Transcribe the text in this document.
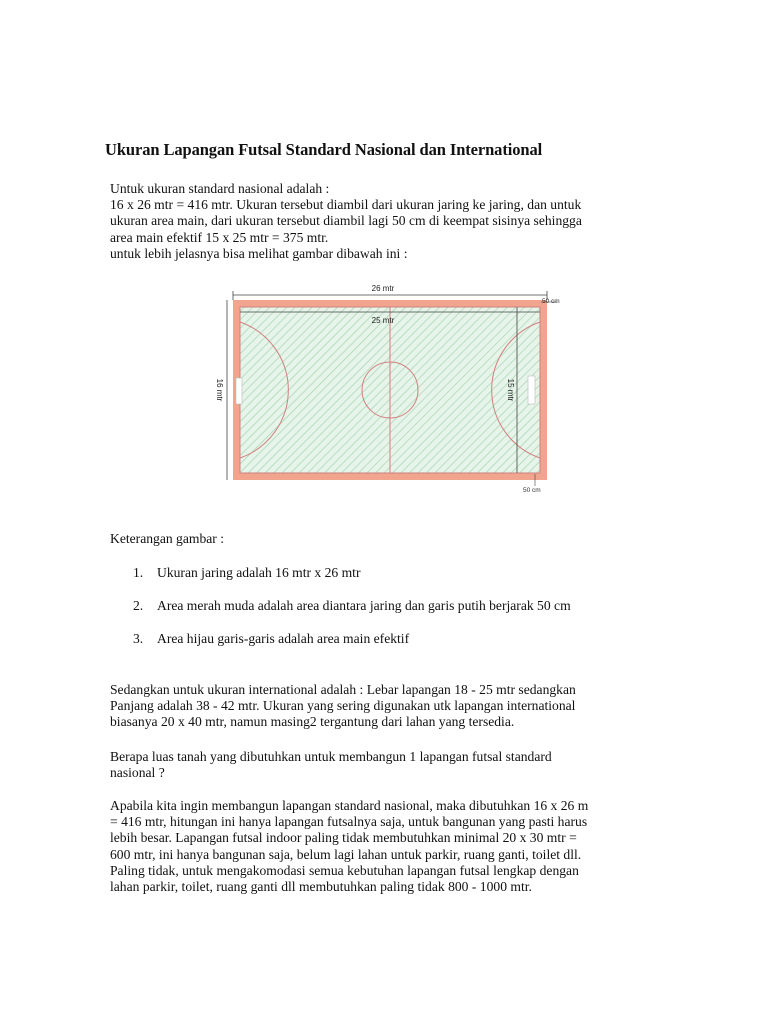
Ukuran Lapangan Futsal Standard Nasional dan International
Untuk ukuran standard nasional adalah :
16 x 26 mtr = 416 mtr. Ukuran tersebut diambil dari ukuran jaring ke jaring, dan untuk
ukuran area main, dari ukuran tersebut diambil lagi 50 cm di keempat sisinya sehingga
area main efektif 15 x 25 mtr = 375 mtr.
untuk lebih jelasnya bisa melihat gambar dibawah ini :
26 mtr
25 mtr
16 mtr	15 mtr
50 cm
50 cm
Keterangan gambar :
1. Ukuran jaring adalah 16 mtr x 26 mtr
2. Area merah muda adalah area diantara jaring dan garis putih berjarak 50 cm
3. Area hijau garis-garis adalah area main efektif
Sedangkan untuk ukuran international adalah : Lebar lapangan 18 - 25 mtr sedangkan
Panjang adalah 38 - 42 mtr. Ukuran yang sering digunakan utk lapangan international
biasanya 20 x 40 mtr, namun masing2 tergantung dari lahan yang tersedia.
Berapa luas tanah yang dibutuhkan untuk membangun 1 lapangan futsal standard
nasional ?
Apabila kita ingin membangun lapangan standard nasional, maka dibutuhkan 16 x 26 m
= 416 mtr, hitungan ini hanya lapangan futsalnya saja, untuk bangunan yang pasti harus
lebih besar. Lapangan futsal indoor paling tidak membutuhkan minimal 20 x 30 mtr =
600 mtr, ini hanya bangunan saja, belum lagi lahan untuk parkir, ruang ganti, toilet dll.
Paling tidak, untuk mengakomodasi semua kebutuhan lapangan futsal lengkap dengan
lahan parkir, toilet, ruang ganti dll membutuhkan paling tidak 800 - 1000 mtr.
